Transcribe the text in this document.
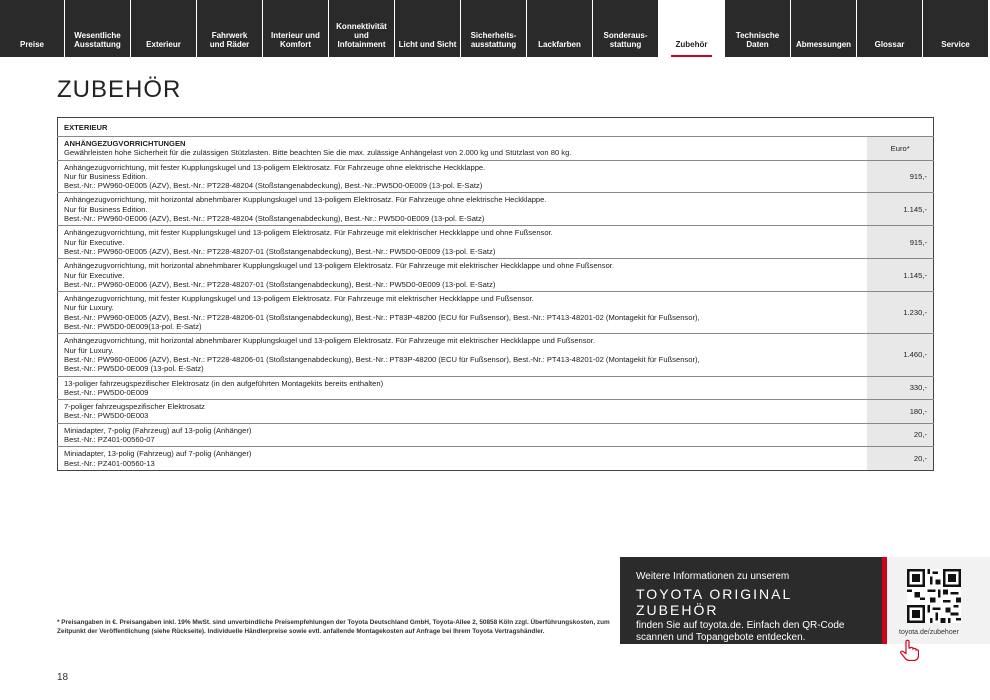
Preise
Wesentliche
Ausstattung	Exterieur
Fahrwerk
und Räder
Interieur und
Komfort
Konnektivität
und
Infotainment Licht und Sicht
Sicherheits-
ausstattung	Lackfarben
Sonderaus-
stattung	Zubehör
Technische
Daten	Abmessungen	Glossar	Service
ZUBEHÖR
EXTERIEUR	

ANHÄNGEZUGVORRICHTUNGEN
Gewährleisten hohe Sicherheit für die zulässigen Stützlasten. Bitte beachten Sie die max. zulässige Anhängelast von 2.000 kg und Stützlast von 80 kg.	Euro*

Anhängezugvorrichtung, mit fester Kupplungskugel und 13-poligem Elektrosatz. Für Fahrzeuge ohne elektrische Heckklappe.
Nur für Business Edition.
Best.-Nr.: PW960-0E005 (AZV), Best.-Nr.: PT228-48204 (Stoßstangenabdeckung), Best.-Nr.:PW5D0-0E009 (13-pol. E-Satz)	915,-

Anhängezugvorrichtung, mit horizontal abnehmbarer Kupplungskugel und 13-poligem Elektrosatz. Für Fahrzeuge ohne elektrische Heckklappe.
Nur für Business Edition.
Best.-Nr.: PW960-0E006 (AZV), Best.-Nr.: PT228-48204 (Stoßstangenabdeckung), Best.-Nr.: PW5D0-0E009 (13-pol. E-Satz)	1.145,-

Anhängezugvorrichtung, mit fester Kupplungskugel und 13-poligem Elektrosatz. Für Fahrzeuge mit elektrischer Heckklappe und ohne Fußsensor.
Nur für Executive.
Best.-Nr.: PW960-0E005 (AZV), Best.-Nr.: PT228-48207-01 (Stoßstangenabdeckung), Best.-Nr.: PW5D0-0E009 (13-pol. E-Satz)	915,-

Anhängezugvorrichtung, mit horizontal abnehmbarer Kupplungskugel und 13-poligem Elektrosatz. Für Fahrzeuge mit elektrischer Heckklappe und ohne Fußsensor.
Nur für Executive.
Best.-Nr.: PW960-0E006 (AZV), Best.-Nr.: PT228-48207-01 (Stoßstangenabdeckung), Best.-Nr.: PW5D0-0E009 (13-pol. E-Satz)	1.145,-

Anhängezugvorrichtung, mit fester Kupplungskugel und 13-poligem Elektrosatz. Für Fahrzeuge mit elektrischer Heckklappe und Fußsensor.
Nur für Luxury.
Best.-Nr.: PW960-0E005 (AZV), Best.-Nr.: PT228-48206-01 (Stoßstangenabdeckung), Best.-Nr.: PT83P-48200 (ECU für Fußsensor), Best.-Nr.: PT413-48201-02 (Montagekit für Fußsensor),
Best.-Nr.: PW5D0-0E009(13-pol. E-Satz)	1.230,-

Anhängezugvorrichtung, mit horizontal abnehmbarer Kupplungskugel und 13-poligem Elektrosatz. Für Fahrzeuge mit elektrischer Heckklappe und Fußsensor.
Nur für Luxury.
Best.-Nr.: PW960-0E006 (AZV), Best.-Nr.: PT228-48206-01 (Stoßstangenabdeckung), Best.-Nr.: PT83P-48200 (ECU für Fußsensor), Best.-Nr.: PT413-48201-02 (Montagekit für Fußsensor),
Best.-Nr.: PW5D0-0E009 (13-pol. E-Satz)	1.460,-

13-poliger fahrzeugspezifischer Elektrosatz (in den aufgeführten Montagekits bereits enthalten)
Best.-Nr.: PW5D0-0E009	330,-

7-poliger fahrzeugspezifischer Elektrosatz
Best.-Nr.: PW5D0-0E003	180,-

Miniadapter, 7-polig (Fahrzeug) auf 13-polig (Anhänger)
Best.-Nr.: PZ401-00560-07	20,-

Miniadapter, 13-polig (Fahrzeug) auf 7-polig (Anhänger)
Best.-Nr.: PZ401-00560-13	20,-
Weitere Informationen zu unserem
TOYOTA ORIGINAL ZUBEHÖR
finden Sie auf toyota.de. Einfach den QR-Code scannen und Topangebote entdecken.	toyota.de/zubehoer
* Preisangaben in €. Preisangaben inkl. 19% MwSt. sind unverbindliche Preisempfehlungen der Toyota Deutschland GmbH, Toyota-Allee 2, 50858 Köln zzgl. Überführungskosten, zum Zeitpunkt der Veröffentlichung (siehe Rückseite). Individuelle Händlerpreise sowie evtl. anfallende Montagekosten auf Anfrage bei Ihrem Toyota Vertragshändler.
18
